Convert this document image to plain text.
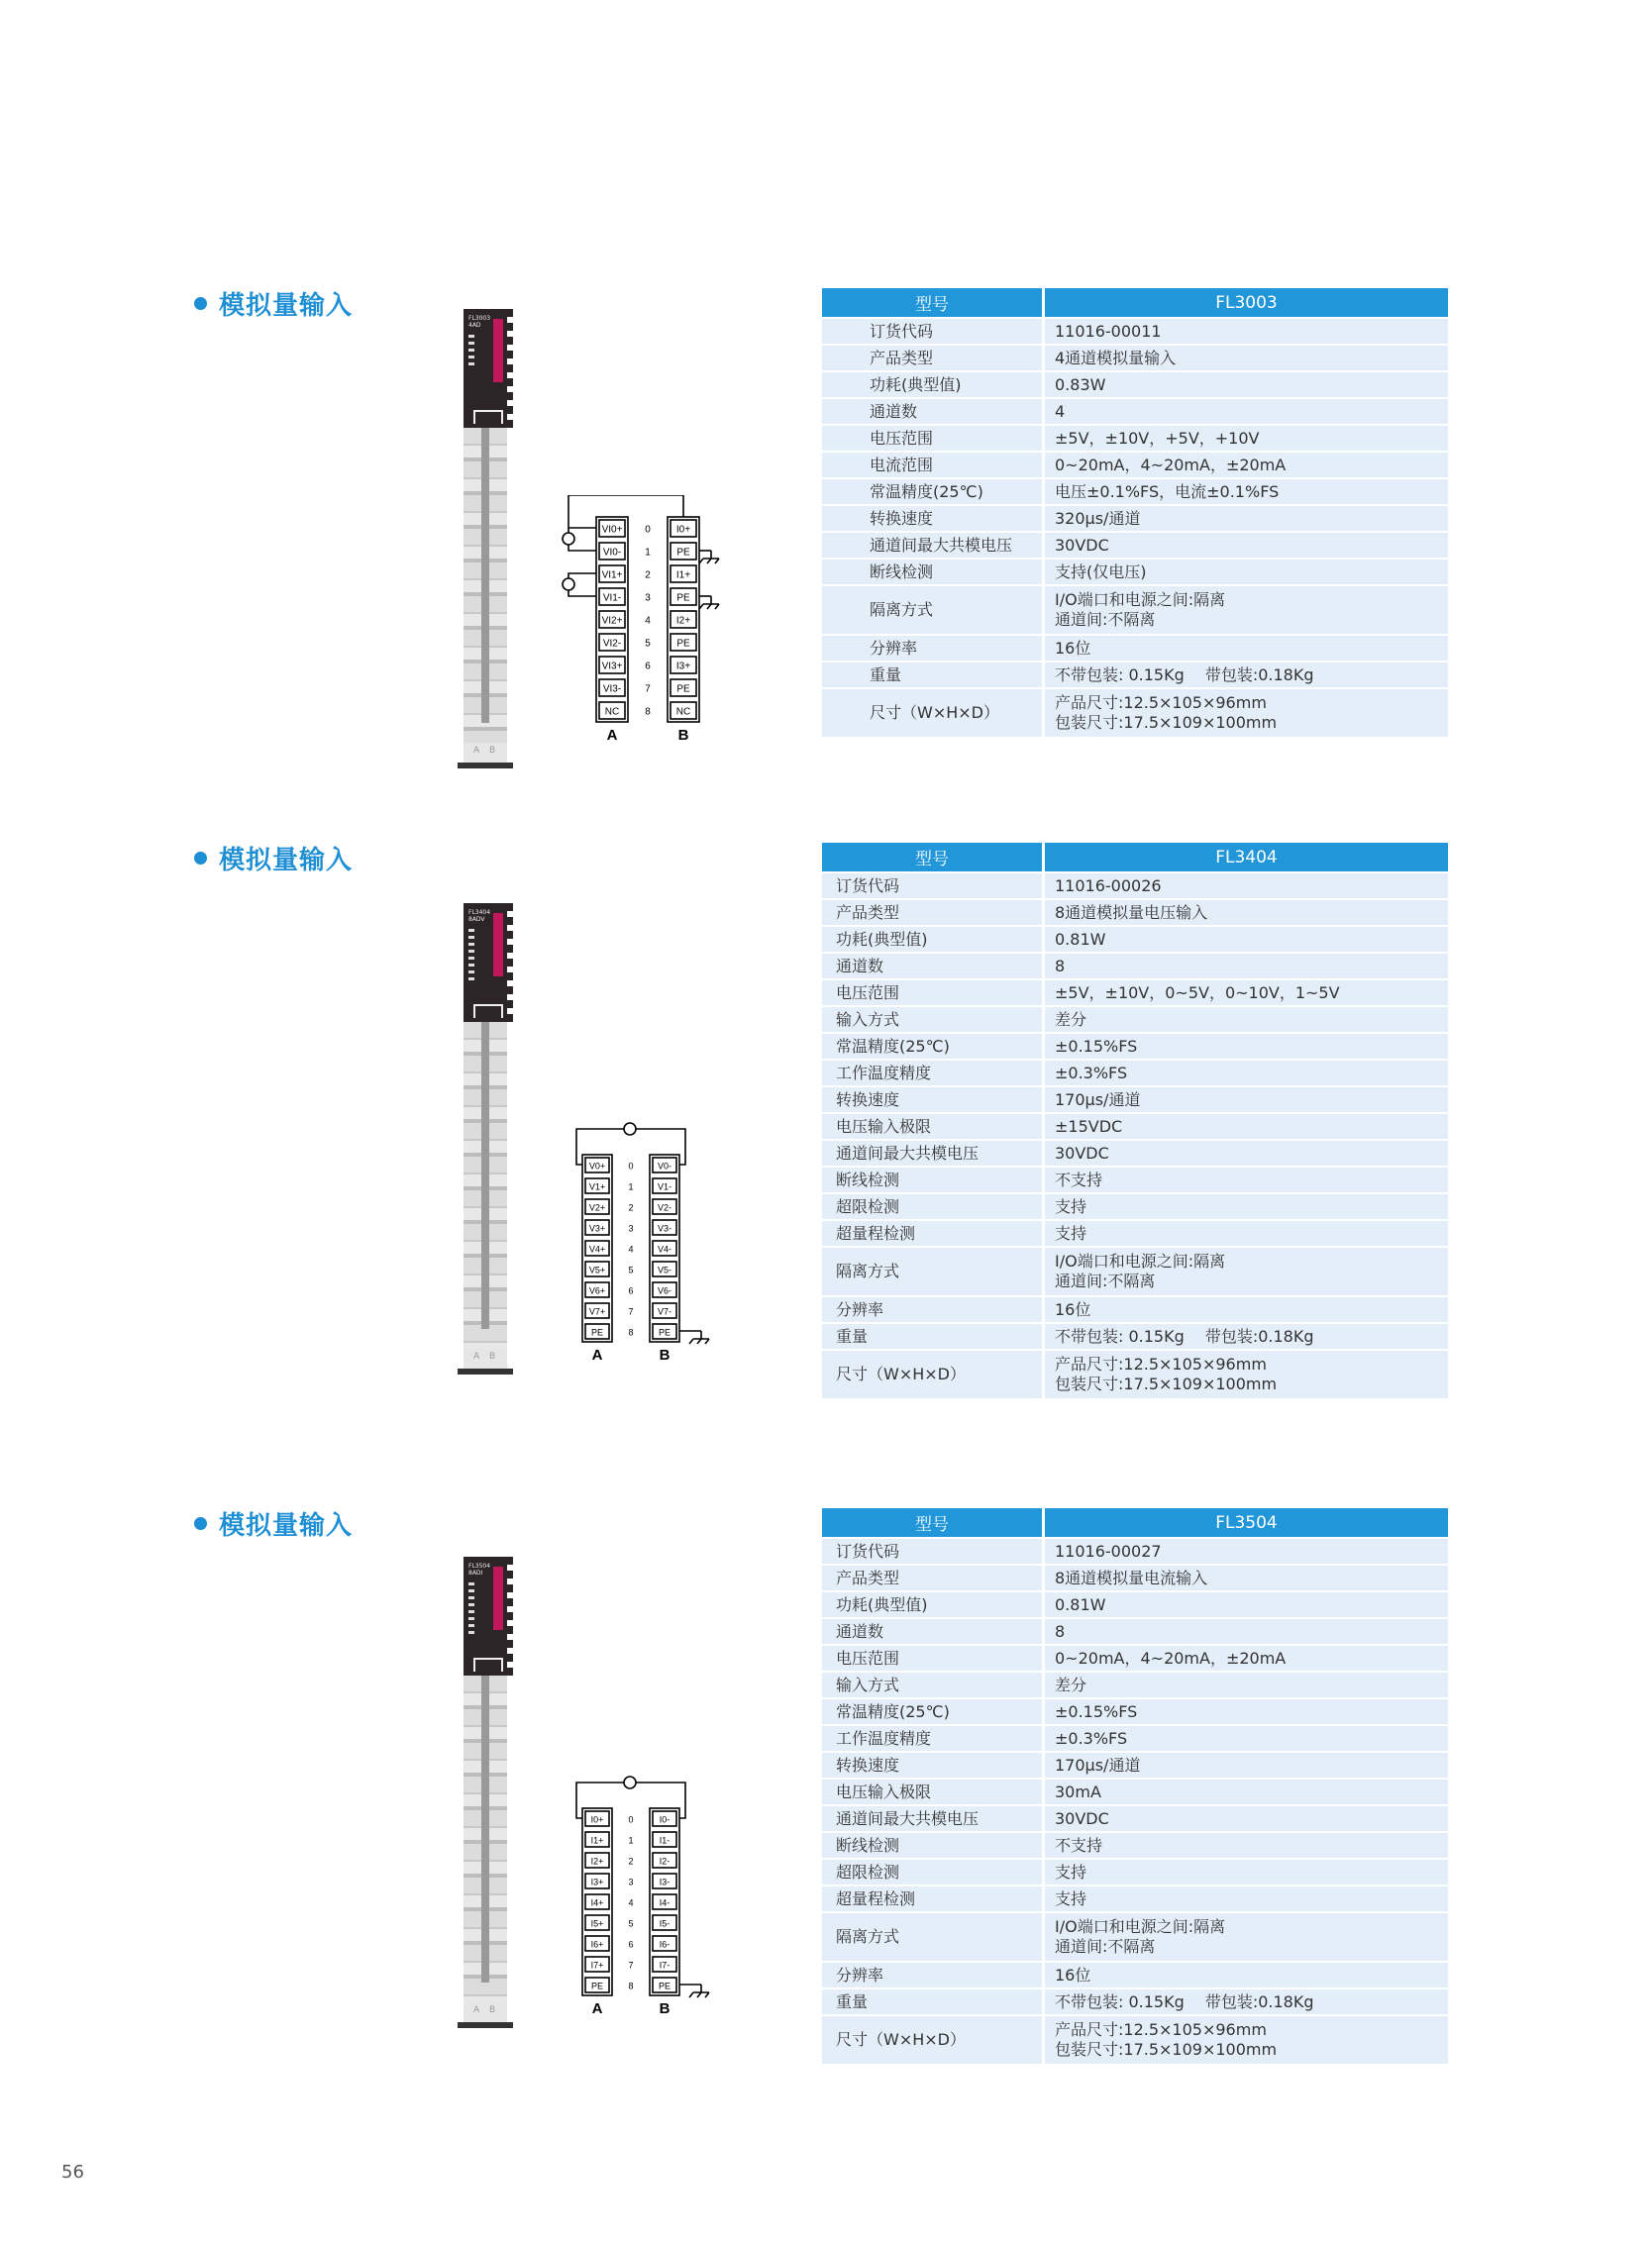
模拟量输入	FL3003
4AD
A B
VI0+	I0+
0
VI0-	PE
1
VI1+	I1+
2
VI1-	PE
3
VI2+	I2+
4
VI2-	PE
5
VI3+	I3+
6
VI3-	PE
7
NC	NC
8
A	B
型号	FL3003
订货代码	11016-00011

产品类型	4通道模拟量输入

功耗(典型值)	0.83W

通道数	4

电压范围	±5V，±10V，+5V，+10V

电流范围	0~20mA，4~20mA，±20mA

常温精度(25℃)	电压±0.1%FS，电流±0.1%FS

转换速度	320μs/通道

通道间最大共模电压	30VDC

断线检测	支持(仅电压)

隔离方式	I/O端口和电源之间:隔离
通道间:不隔离

分辨率	16位

重量	不带包装: 0.15Kg　 带包装:0.18Kg

尺寸（W×H×D）	产品尺寸:12.5×105×96mm
包装尺寸:17.5×109×100mm
模拟量输入
FL3404
8ADV
A B
V0+	V0-
0
V1+	V1-
1
V2+	V2-
2
V3+	V3-
3
V4+	V4-
4
V5+	V5-
5
V6+	V6-
6
V7+	V7-
7
PE	PE
8
A	B
型号	FL3404
订货代码	11016-00026

产品类型	8通道模拟量电压输入

功耗(典型值)	0.81W

通道数	8

电压范围	±5V，±10V，0~5V，0~10V，1~5V

输入方式	差分

常温精度(25℃)	±0.15%FS

工作温度精度	±0.3%FS

转换速度	170μs/通道

电压输入极限	±15VDC

通道间最大共模电压	30VDC

断线检测	不支持

超限检测	支持

超量程检测	支持

隔离方式	I/O端口和电源之间:隔离
通道间:不隔离

分辨率	16位

重量	不带包装: 0.15Kg　 带包装:0.18Kg

尺寸（W×H×D）	产品尺寸:12.5×105×96mm
包装尺寸:17.5×109×100mm
模拟量输入
FL3504
8ADI
A B
I0+	I0-
0
I1+	I1-
1
I2+	I2-
2
I3+	I3-
3
I4+	I4-
4
I5+	I5-
5
I6+	I6-
6
I7+	I7-
7
PE	PE
8
A	B
型号	FL3504
订货代码	11016-00027

产品类型	8通道模拟量电流输入

功耗(典型值)	0.81W

通道数	8

电压范围	0~20mA，4~20mA，±20mA

输入方式	差分

常温精度(25℃)	±0.15%FS

工作温度精度	±0.3%FS

转换速度	170μs/通道

电压输入极限	30mA

通道间最大共模电压	30VDC

断线检测	不支持

超限检测	支持

超量程检测	支持

隔离方式	I/O端口和电源之间:隔离
通道间:不隔离

分辨率	16位

重量	不带包装: 0.15Kg　 带包装:0.18Kg

尺寸（W×H×D）	产品尺寸:12.5×105×96mm
包装尺寸:17.5×109×100mm
56
